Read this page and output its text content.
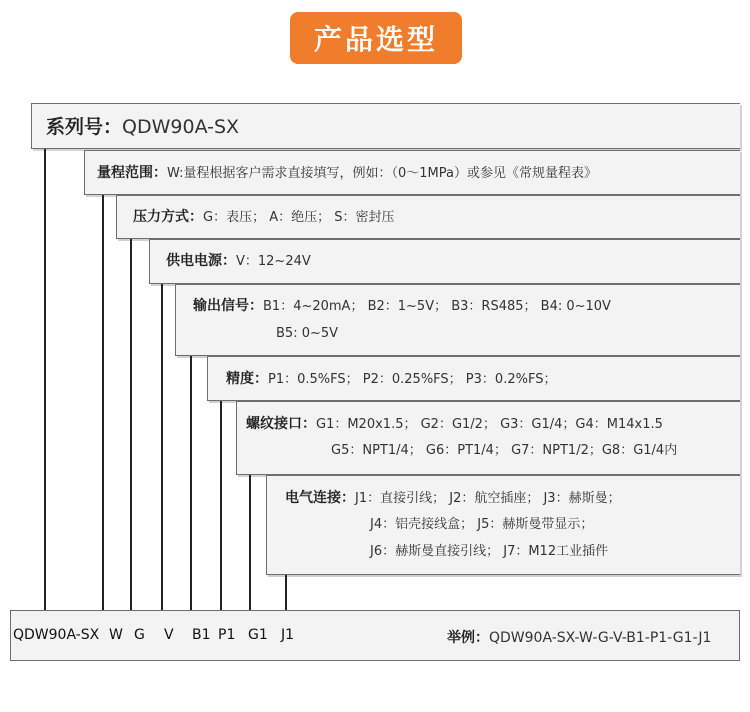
产品选型
系列号：QDW90A-SX
量程范围：W:量程根据客户需求直接填写，例如：（0～1MPa）或参见《常规量程表》
压力方式：G：表压； A：绝压； S：密封压
供电电源：V：12~24V
输出信号：B1：4~20mA； B2：1~5V； B3：RS485； B4: 0~10V
B5: 0~5V
精度：P1：0.5%FS； P2：0.25%FS； P3：0.2%FS；
螺纹接口：G1：M20x1.5； G2：G1/2； G3：G1/4；G4：M14x1.5
G5：NPT1/4； G6：PT1/4； G7：NPT1/2；G8：G1/4内
电气连接：J1：直接引线； J2：航空插座； J3：赫斯曼；
J4：铝壳接线盒； J5：赫斯曼带显示；
J6：赫斯曼直接引线； J7：M12工业插件
QDW90A-SX W G V B1 P1 G1 J1	举例：QDW90A-SX-W-G-V-B1-P1-G1-J1
